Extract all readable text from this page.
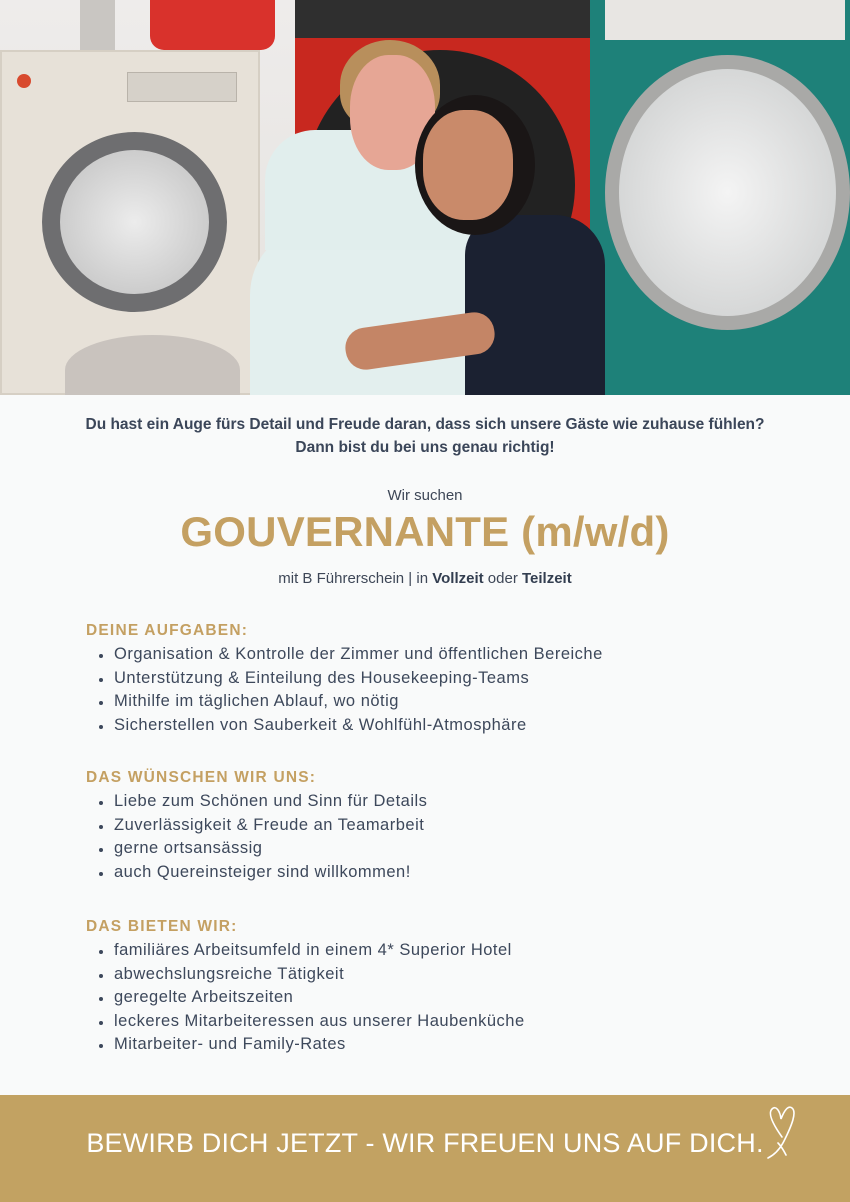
Du hast ein Auge fürs Detail und Freude daran, dass sich unsere Gäste wie zuhause fühlen?
Dann bist du bei uns genau richtig!
Wir suchen
GOUVERNANTE (m/w/d)
mit B Führerschein | in Vollzeit oder Teilzeit
DEINE AUFGABEN:
Organisation & Kontrolle der Zimmer und öffentlichen Bereiche
Unterstützung & Einteilung des Housekeeping-Teams
Mithilfe im täglichen Ablauf, wo nötig
Sicherstellen von Sauberkeit & Wohlfühl-Atmosphäre
DAS WÜNSCHEN WIR UNS:
Liebe zum Schönen und Sinn für Details
Zuverlässigkeit & Freude an Teamarbeit
gerne ortsansässig
auch Quereinsteiger sind willkommen!
DAS BIETEN WIR:
familiäres Arbeitsumfeld in einem 4* Superior Hotel
abwechslungsreiche Tätigkeit
geregelte Arbeitszeiten
leckeres Mitarbeiteressen aus unserer Haubenküche
Mitarbeiter- und Family-Rates
BEWIRB DICH JETZT - WIR FREUEN UNS AUF DICH.
